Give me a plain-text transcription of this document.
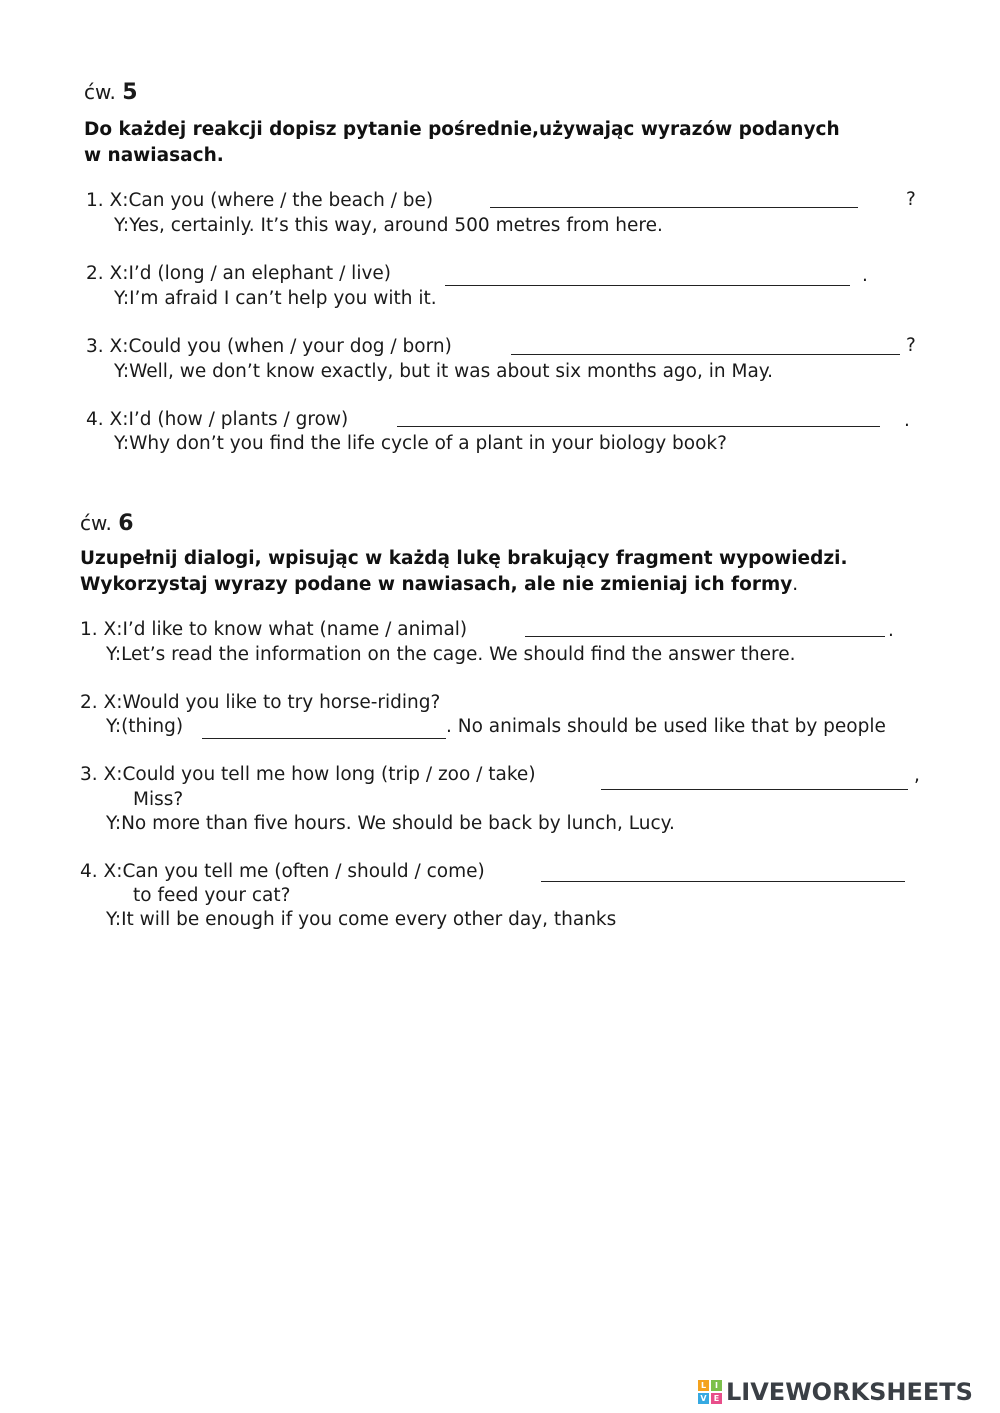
ćw. 5
Do każdej reakcji dopisz pytanie pośrednie,używając wyrazów podanych
w nawiasach.
1. X:Can you (where / the beach / be)	?
Y:Yes, certainly. It’s this way, around 500 metres from here.
2. X:I’d (long / an elephant / live)	.
Y:I’m afraid I can’t help you with it.
3. X:Could you (when / your dog / born)	?
Y:Well, we don’t know exactly, but it was about six months ago, in May.
4. X:I’d (how / plants / grow)	.
Y:Why don’t you find the life cycle of a plant in your biology book?
ćw. 6
Uzupełnij dialogi, wpisując w każdą lukę brakujący fragment wypowiedzi.
Wykorzystaj wyrazy podane w nawiasach, ale nie zmieniaj ich formy.
1. X:I’d like to know what (name / animal)	.
Y:Let’s read the information on the cage. We should find the answer there.
2. X:Would you like to try horse-riding?
Y:(thing)	. No animals should be used like that by people
3. X:Could you tell me how long (trip / zoo / take)	,
Miss?
Y:No more than five hours. We should be back by lunch, Lucy.
4. X:Can you tell me (often / should / come)
to feed your cat?
Y:It will be enough if you come every other day, thanks
L	I
V E LIVEWORKSHEETS
